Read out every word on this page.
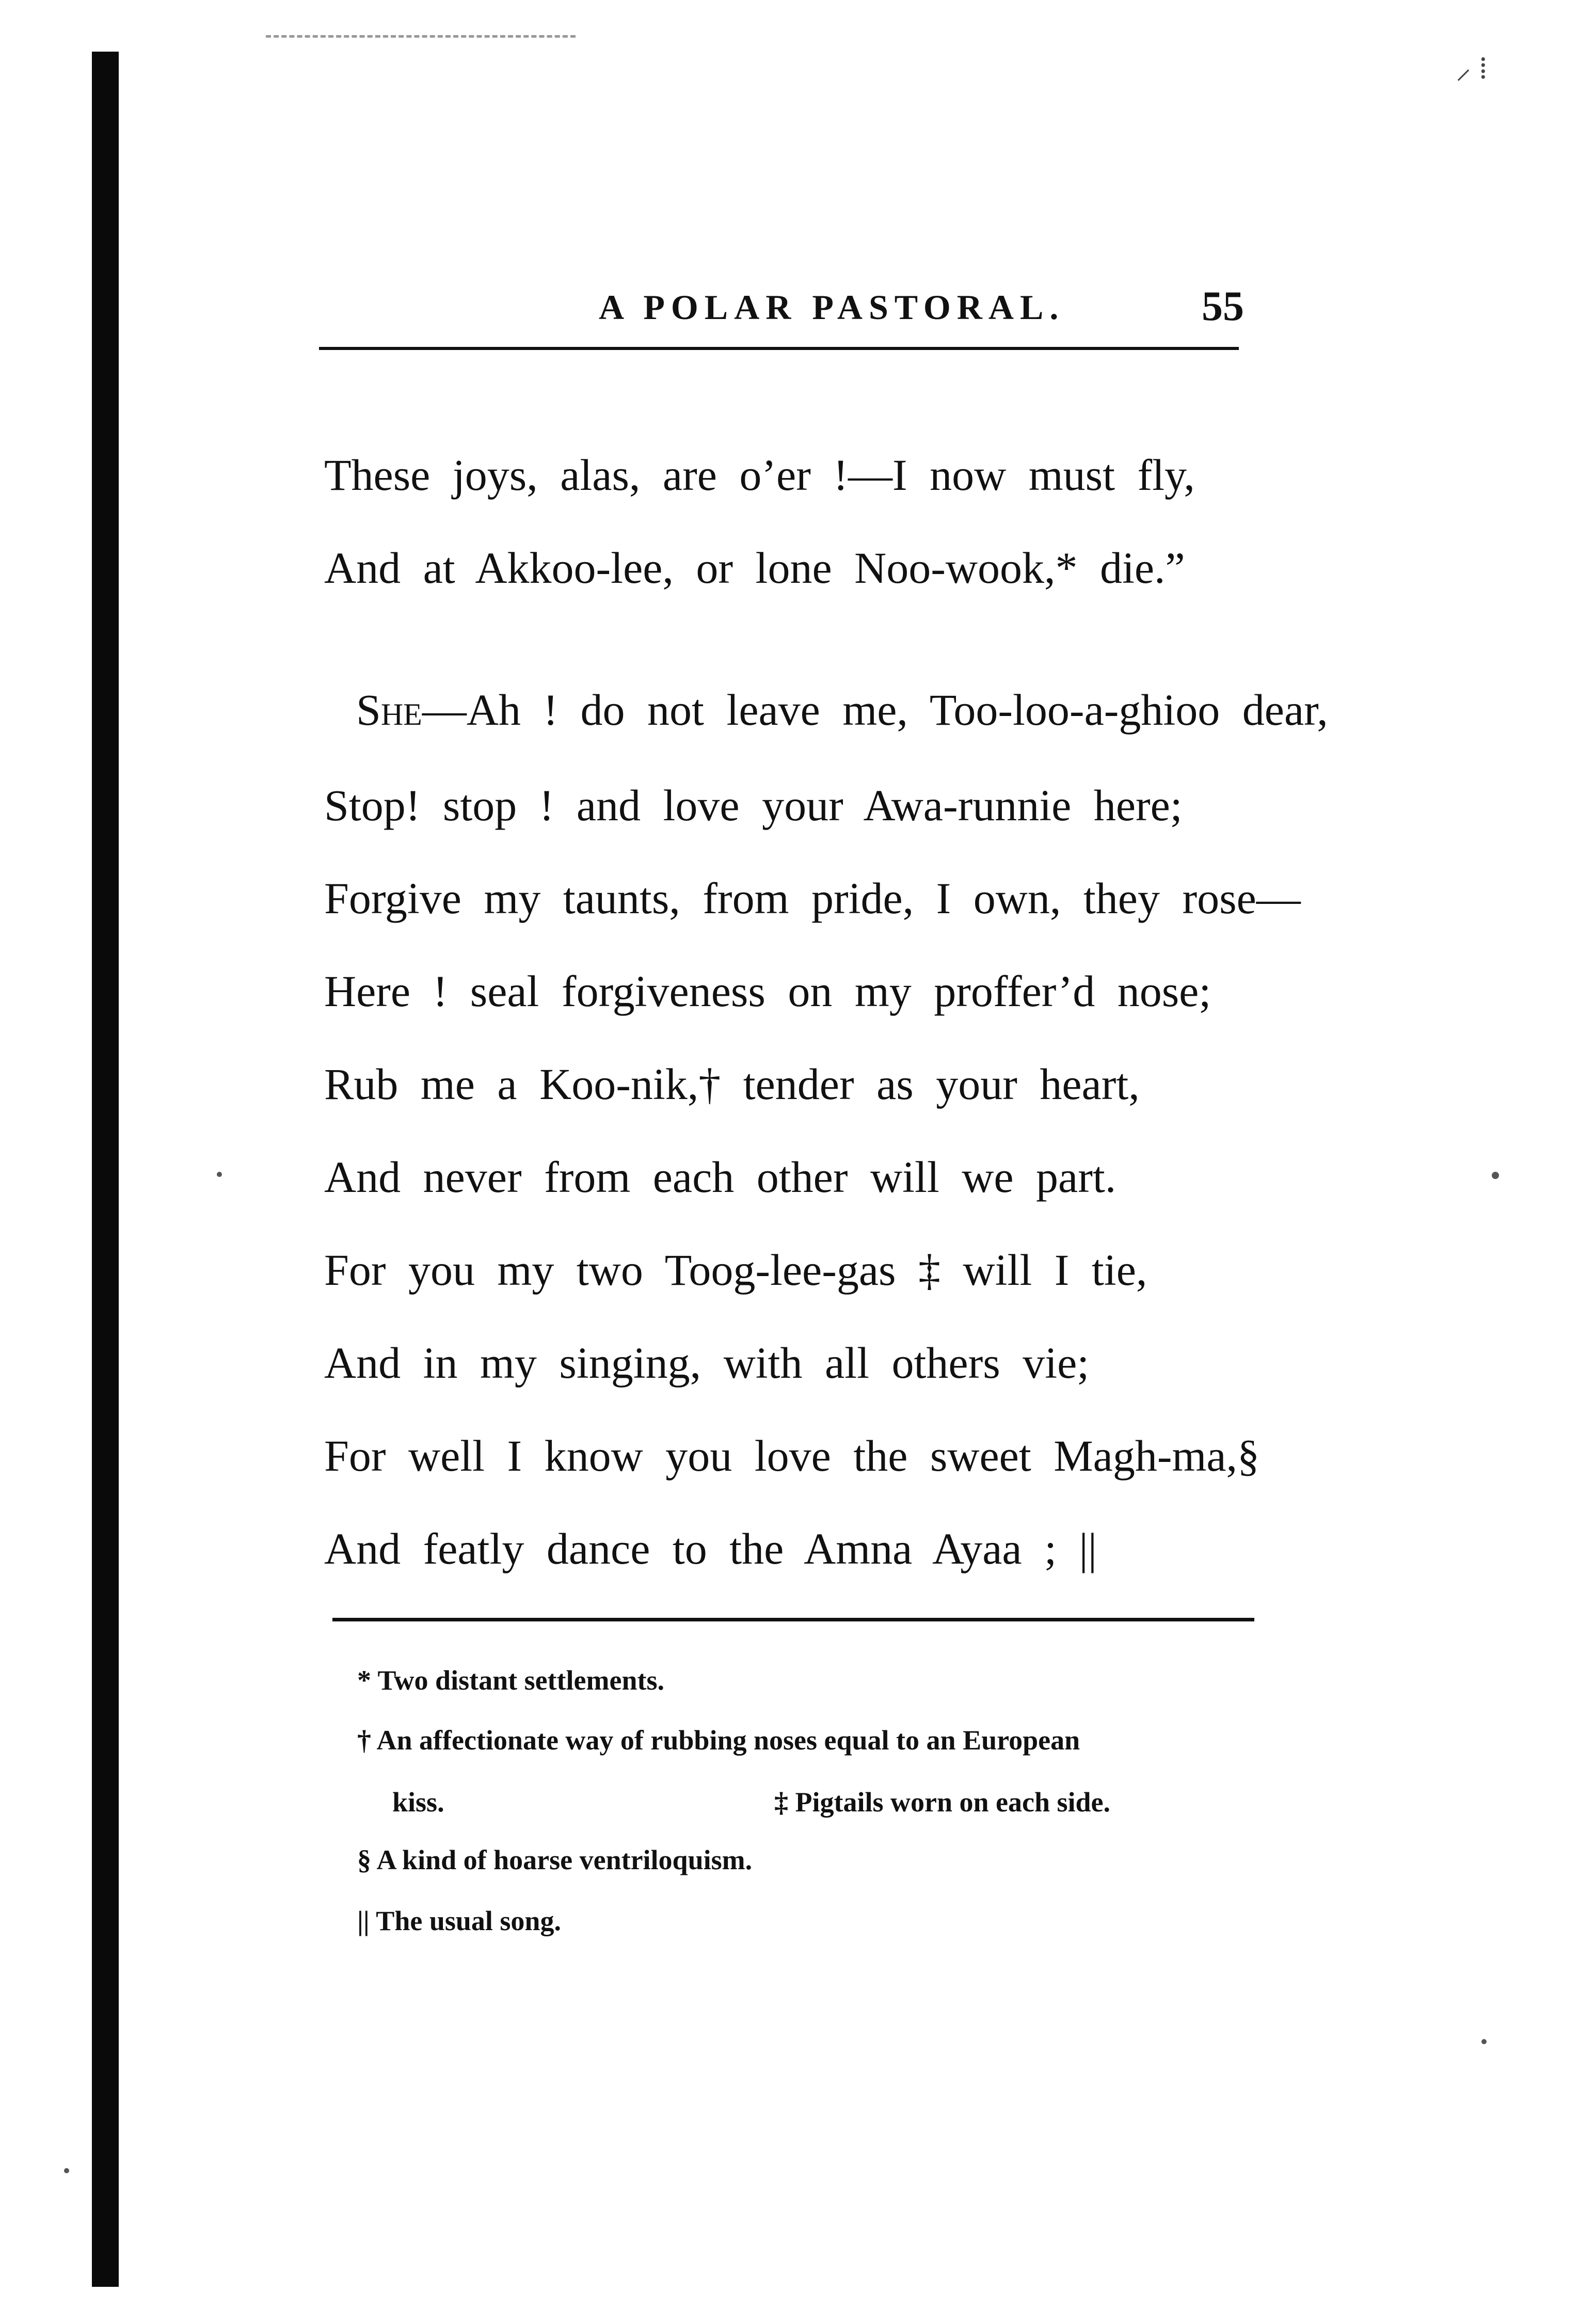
⸝ ⁞
A POLAR PASTORAL.	55
These joys, alas, are o’er !—I now must fly,
And at Akkoo-lee, or lone Noo-wook,* die.”
She—Ah ! do not leave me, Too-loo-a-ghioo dear,
Stop! stop ! and love your Awa-runnie here;
Forgive my taunts, from pride, I own, they rose—
Here ! seal forgiveness on my proffer’d nose;
Rub me a Koo-nik,† tender as your heart,
And never from each other will we part.
For you my two Toog-lee-gas ‡ will I tie,
And in my singing, with all others vie;
For well I know you love the sweet Magh-ma,§
And featly dance to the Amna Ayaa ; ||
* Two distant settlements.
† An affectionate way of rubbing noses equal to an European
kiss.	‡ Pigtails worn on each side.
§ A kind of hoarse ventriloquism.
|| The usual song.
